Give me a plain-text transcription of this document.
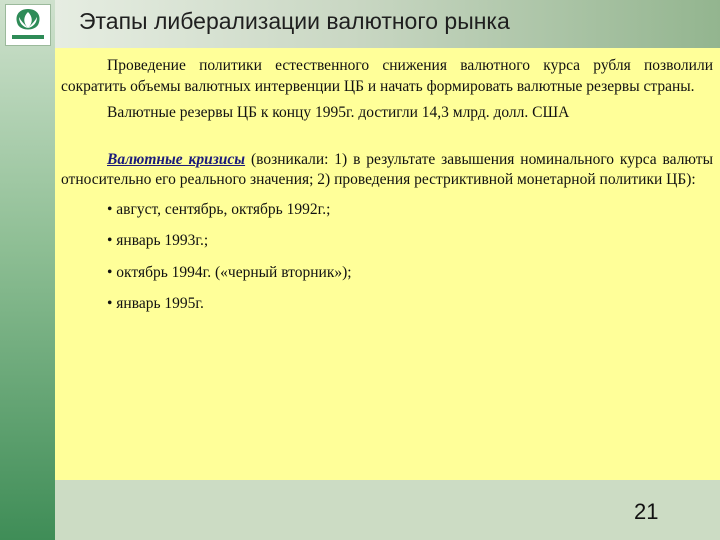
Этапы либерализации валютного рынка

Проведение политики естественного снижения валютного курса рубля позволили сократить объемы валютных интервенции ЦБ и начать формировать валютные резервы страны.

Валютные резервы ЦБ к концу 1995г. достигли 14,3 млрд. долл. США

Валютные кризисы (возникали: 1) в результате завышения номинального курса валюты относительно его реального значения; 2) проведения рестриктивной монетарной политики ЦБ):

• август, сентябрь, октябрь 1992г.;

• январь 1993г.;

• октябрь 1994г. («черный вторник»);

• январь 1995г.

21
